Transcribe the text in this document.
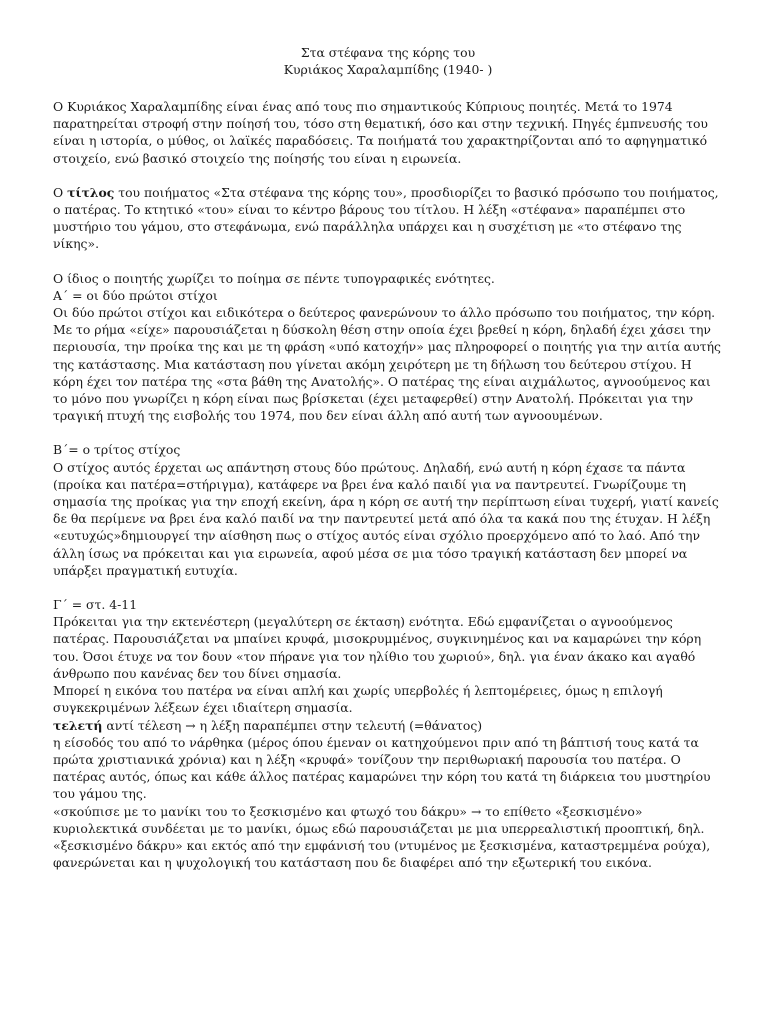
Στα στέφανα της κόρης του
Κυριάκος Χαραλαμπίδης (1940- )

Ο Κυριάκος Χαραλαμπίδης είναι ένας από τους πιο σημαντικούς Κύπριους ποιητές. Μετά το 1974 παρατηρείται στροφή στην ποίησή του, τόσο στη θεματική, όσο και στην τεχνική. Πηγές έμπνευσής του είναι η ιστορία, ο μύθος, οι λαϊκές παραδόσεις. Τα ποιήματά του χαρακτηρίζονται από το αφηγηματικό στοιχείο, ενώ βασικό στοιχείο της ποίησής του είναι η ειρωνεία.

Ο τίτλος του ποιήματος «Στα στέφανα της κόρης του», προσδιορίζει το βασικό πρόσωπο του ποιήματος, ο πατέρας. Το κτητικό «του» είναι το κέντρο βάρους του τίτλου. Η λέξη «στέφανα» παραπέμπει στο μυστήριο του γάμου, στο στεφάνωμα, ενώ παράλληλα υπάρχει και η συσχέτιση με «το στέφανο της νίκης».

Ο ίδιος ο ποιητής χωρίζει το ποίημα σε πέντε τυπογραφικές ενότητες.

Α΄ = οι δύο πρώτοι στίχοι

Οι δύο πρώτοι στίχοι και ειδικότερα ο δεύτερος φανερώνουν το άλλο πρόσωπο του ποιήματος, την κόρη. Με το ρήμα «είχε» παρουσιάζεται η δύσκολη θέση στην οποία έχει βρεθεί η κόρη, δηλαδή έχει χάσει την περιουσία, την προίκα της και με τη φράση «υπό κατοχήν» μας πληροφορεί ο ποιητής για την αιτία αυτής της κατάστασης. Μια κατάσταση που γίνεται ακόμη χειρότερη με τη δήλωση του δεύτερου στίχου. Η κόρη έχει τον πατέρα της «στα βάθη της Ανατολής». Ο πατέρας της είναι αιχμάλωτος, αγνοούμενος και το μόνο που γνωρίζει η κόρη είναι πως βρίσκεται (έχει μεταφερθεί) στην Ανατολή. Πρόκειται για την τραγική πτυχή της εισβολής του 1974, που δεν είναι άλλη από αυτή των αγνοουμένων.

Β΄= ο τρίτος στίχος

Ο στίχος αυτός έρχεται ως απάντηση στους δύο πρώτους. Δηλαδή, ενώ αυτή η κόρη έχασε τα πάντα (προίκα και πατέρα=στήριγμα), κατάφερε να βρει ένα καλό παιδί για να παντρευτεί. Γνωρίζουμε τη σημασία της προίκας για την εποχή εκείνη, άρα η κόρη σε αυτή την περίπτωση είναι τυχερή, γιατί κανείς δε θα περίμενε να βρει ένα καλό παιδί να την παντρευτεί μετά από όλα τα κακά που της έτυχαν. Η λέξη «ευτυχώς»δημιουργεί την αίσθηση πως ο στίχος αυτός είναι σχόλιο προερχόμενο από το λαό. Από την άλλη ίσως να πρόκειται και για ειρωνεία, αφού μέσα σε μια τόσο τραγική κατάσταση δεν μπορεί να υπάρξει πραγματική ευτυχία.

Γ΄ = στ. 4-11

Πρόκειται για την εκτενέστερη (μεγαλύτερη σε έκταση) ενότητα. Εδώ εμφανίζεται ο αγνοούμενος πατέρας. Παρουσιάζεται να μπαίνει κρυφά, μισοκρυμμένος, συγκινημένος και να καμαρώνει την κόρη του. Όσοι έτυχε να τον δουν «τον πήρανε για τον ηλίθιο του χωριού», δηλ. για έναν άκακο και αγαθό άνθρωπο που κανένας δεν του δίνει σημασία.

Μπορεί η εικόνα του πατέρα να είναι απλή και χωρίς υπερβολές ή λεπτομέρειες, όμως η επιλογή συγκεκριμένων λέξεων έχει ιδιαίτερη σημασία.

τελετή αντί τέλεση → η λέξη παραπέμπει στην τελευτή (=θάνατος)

η είσοδός του από το νάρθηκα (μέρος όπου έμεναν οι κατηχούμενοι πριν από τη βάπτισή τους κατά τα πρώτα χριστιανικά χρόνια) και η λέξη «κρυφά» τονίζουν την περιθωριακή παρουσία του πατέρα. Ο πατέρας αυτός, όπως και κάθε άλλος πατέρας καμαρώνει την κόρη του κατά τη διάρκεια του μυστηρίου του γάμου της.

«σκούπισε με το μανίκι του το ξεσκισμένο και φτωχό του δάκρυ» → το επίθετο «ξεσκισμένο» κυριολεκτικά συνδέεται με το μανίκι, όμως εδώ παρουσιάζεται με μια υπερρεαλιστική προοπτική, δηλ. «ξεσκισμένο δάκρυ» και εκτός από την εμφάνισή του (ντυμένος με ξεσκισμένα, καταστρεμμένα ρούχα), φανερώνεται και η ψυχολογική του κατάσταση που δε διαφέρει από την εξωτερική του εικόνα.
